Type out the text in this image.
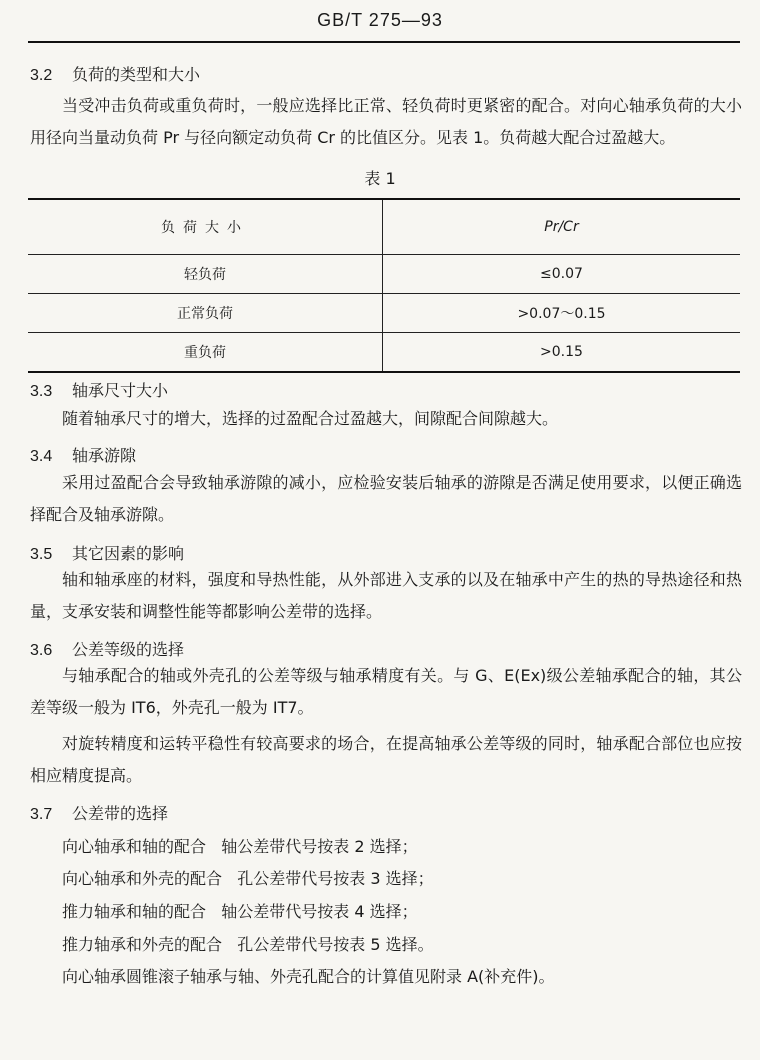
GB/T 275—93
3.2 负荷的类型和大小
当受冲击负荷或重负荷时，一般应选择比正常、轻负荷时更紧密的配合。对向心轴承负荷的大小用径向当量动负荷 Pr 与径向额定动负荷 Cr 的比值区分。见表 1。负荷越大配合过盈越大。
表 1
负荷大小	Pr/Cr
轻负荷	≤0.07
正常负荷	>0.07～0.15
重负荷	>0.15
3.3 轴承尺寸大小
随着轴承尺寸的增大，选择的过盈配合过盈越大，间隙配合间隙越大。
3.4 轴承游隙
采用过盈配合会导致轴承游隙的减小，应检验安装后轴承的游隙是否满足使用要求，以便正确选择配合及轴承游隙。
3.5 其它因素的影响
轴和轴承座的材料，强度和导热性能，从外部进入支承的以及在轴承中产生的热的导热途径和热量，支承安装和调整性能等都影响公差带的选择。
3.6 公差等级的选择
与轴承配合的轴或外壳孔的公差等级与轴承精度有关。与 G、E(Ex)级公差轴承配合的轴，其公差等级一般为 IT6，外壳孔一般为 IT7。
对旋转精度和运转平稳性有较高要求的场合，在提高轴承公差等级的同时，轴承配合部位也应按相应精度提高。
3.7 公差带的选择
向心轴承和轴的配合   轴公差带代号按表 2 选择；
向心轴承和外壳的配合   孔公差带代号按表 3 选择；
推力轴承和轴的配合   轴公差带代号按表 4 选择；
推力轴承和外壳的配合   孔公差带代号按表 5 选择。
向心轴承圆锥滚子轴承与轴、外壳孔配合的计算值见附录 A(补充件)。
